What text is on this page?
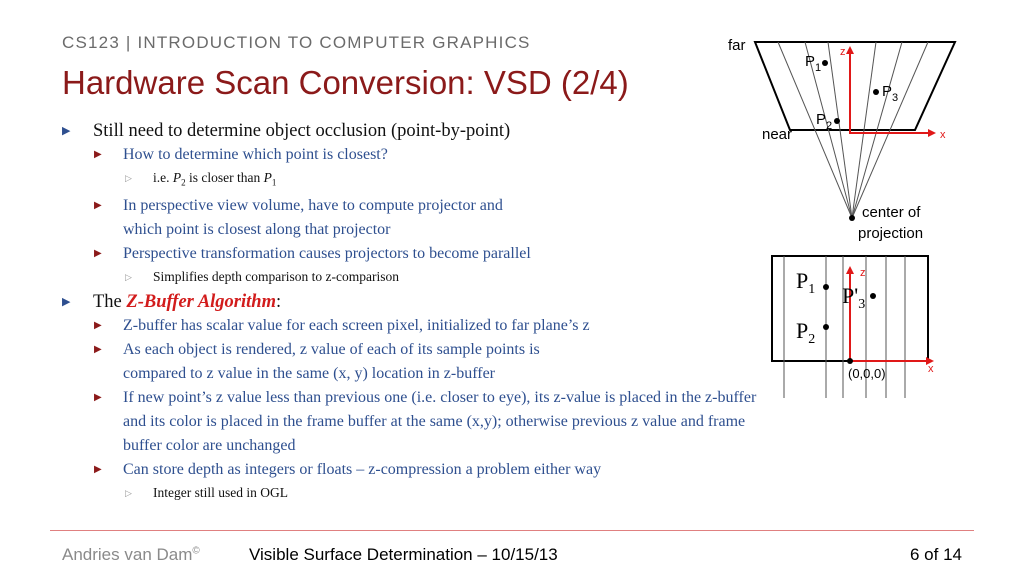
CS123 | INTRODUCTION TO COMPUTER GRAPHICS
Hardware Scan Conversion: VSD (2/4)
▶ Still need to determine object occlusion (point-by-point)
▶ How to determine which point is closest?
▷ i.e. $P_2$ is closer than $P_1$
▶ In perspective view volume, have to compute projector and
which point is closest along that projector
▶ Perspective transformation causes projectors to become parallel
▷ Simplifies depth comparison to z-comparison
▶ The Z-Buffer Algorithm:
▶ Z-buffer has scalar value for each screen pixel, initialized to far plane’s z
▶ As each object is rendered, z value of each of its sample points is
compared to z value in the same (x, y) location in z-buffer
▶ If new point’s z value less than previous one (i.e. closer to eye), its z-value is placed in the z-buffer
and its color is placed in the frame buffer at the same (x,y); otherwise previous z value and frame
buffer color are unchanged
▶ Can store depth as integers or floats – z-compression a problem either way
▷ Integer still used in OGL
far
near
z
x
$P_1$
$P_2$
$P_3$
center of
projection
$P_1$
$P_2$
$P'_3$
z
x
(0,0,0)
Andries van Dam©	Visible Surface Determination – 10/15/13	6 of 14
